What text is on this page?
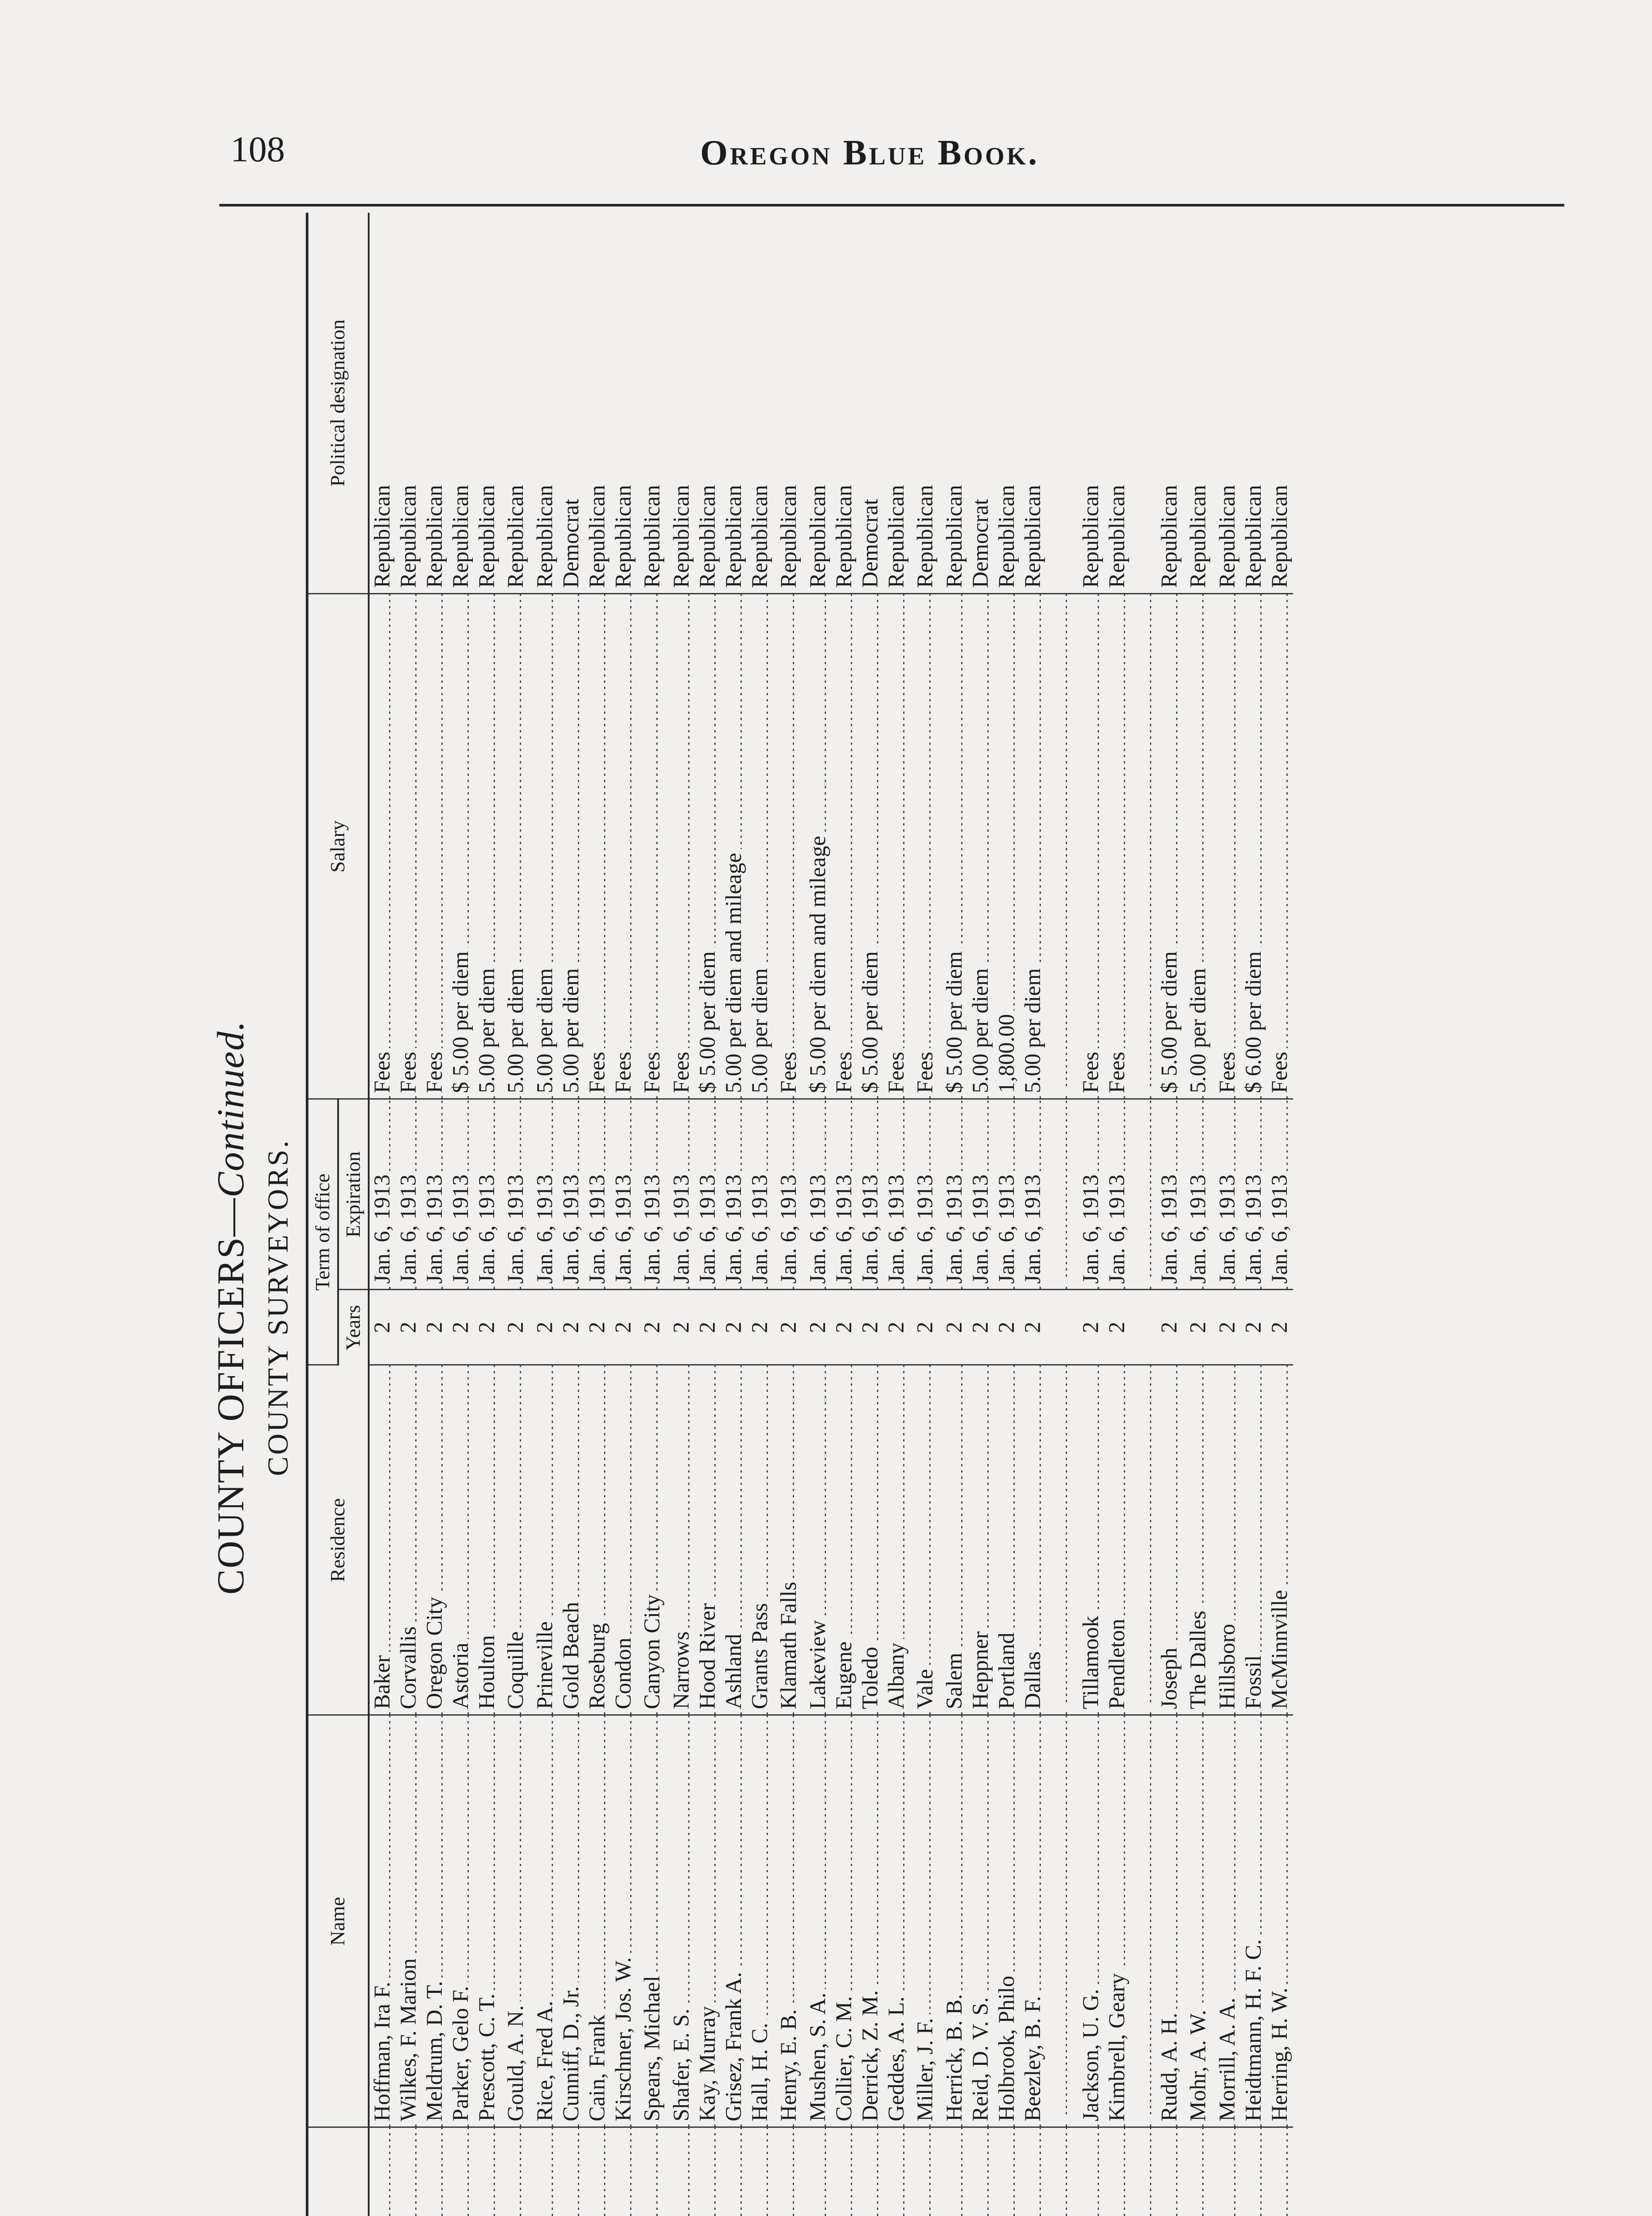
108	Oregon Blue Book.
COUNTY OFFICERS—Continued.
COUNTY SURVEYORS.
	Name	Residence	Term of office		Salary	Political designation
			Years	Expiration		
	Hoffman, Ira F.	Baker	2	Jan. 6, 1913	Fees	Republican
	Wilkes, F. Marion	Corvallis	2	Jan. 6, 1913	Fees	Republican
	Meldrum, D. T.	Oregon City	2	Jan. 6, 1913	Fees	Republican
	Parker, Gelo F.	Astoria	2	Jan. 6, 1913	$ 5.00 per diem	Republican
	Prescott, C. T.	Houlton	2	Jan. 6, 1913	5.00 per diem	Republican
	Gould, A. N.	Coquille	2	Jan. 6, 1913	5.00 per diem	Republican
	Rice, Fred A.	Prineville	2	Jan. 6, 1913	5.00 per diem	Republican
	Cunniff, D., Jr.	Gold Beach	2	Jan. 6, 1913	5.00 per diem	Democrat
	Cain, Frank	Roseburg	2	Jan. 6, 1913	Fees	Republican
	Kirschner, Jos. W.	Condon	2	Jan. 6, 1913	Fees	Republican
	Spears, Michael	Canyon City	2	Jan. 6, 1913	Fees	Republican
	Shafer, E. S.	Narrows	2	Jan. 6, 1913	Fees	Republican
	Kay, Murray	Hood River	2	Jan. 6, 1913	$ 5.00 per diem	Republican
	Grisez, Frank A.	Ashland	2	Jan. 6, 1913	5.00 per diem and mileage	Republican
	Hall, H. C.	Grants Pass	2	Jan. 6, 1913	5.00 per diem	Republican
	Henry, E. B.	Klamath Falls	2	Jan. 6, 1913	Fees	Republican
	Mushen, S. A.	Lakeview	2	Jan. 6, 1913	$ 5.00 per diem and mileage	Republican
	Collier, C. M.	Eugene	2	Jan. 6, 1913	Fees	Republican
	Derrick, Z. M.	Toledo	2	Jan. 6, 1913	$ 5.00 per diem	Democrat
	Geddes, A. L.	Albany	2	Jan. 6, 1913	Fees	Republican
	Miller, J. F.	Vale	2	Jan. 6, 1913	Fees	Republican
	Herrick, B. B.	Salem	2	Jan. 6, 1913	$ 5.00 per diem	Republican
	Reid, D. V. S.	Heppner	2	Jan. 6, 1913	5.00 per diem	Democrat
	Holbrook, Philo	Portland	2	Jan. 6, 1913	1,800.00	Republican
	Beezley, B. F.	Dallas	2	Jan. 6, 1913	5.00 per diem	Republican

	Jackson, U. G.	Tillamook	2	Jan. 6, 1913	Fees	Republican
	Kimbrell, Geary	Pendleton	2	Jan. 6, 1913	Fees	Republican

	Rudd, A. H.	Joseph	2	Jan. 6, 1913	$ 5.00 per diem	Republican
	Mohr, A. W.	The Dalles	2	Jan. 6, 1913	5.00 per diem	Republican
	Morrill, A. A.	Hillsboro	2	Jan. 6, 1913	Fees	Republican
	Heidtmann, H. F. C.	Fossil	2	Jan. 6, 1913	$ 6.00 per diem	Republican
	Herring, H. W.	McMinnville	2	Jan. 6, 1913	Fees	Republican
